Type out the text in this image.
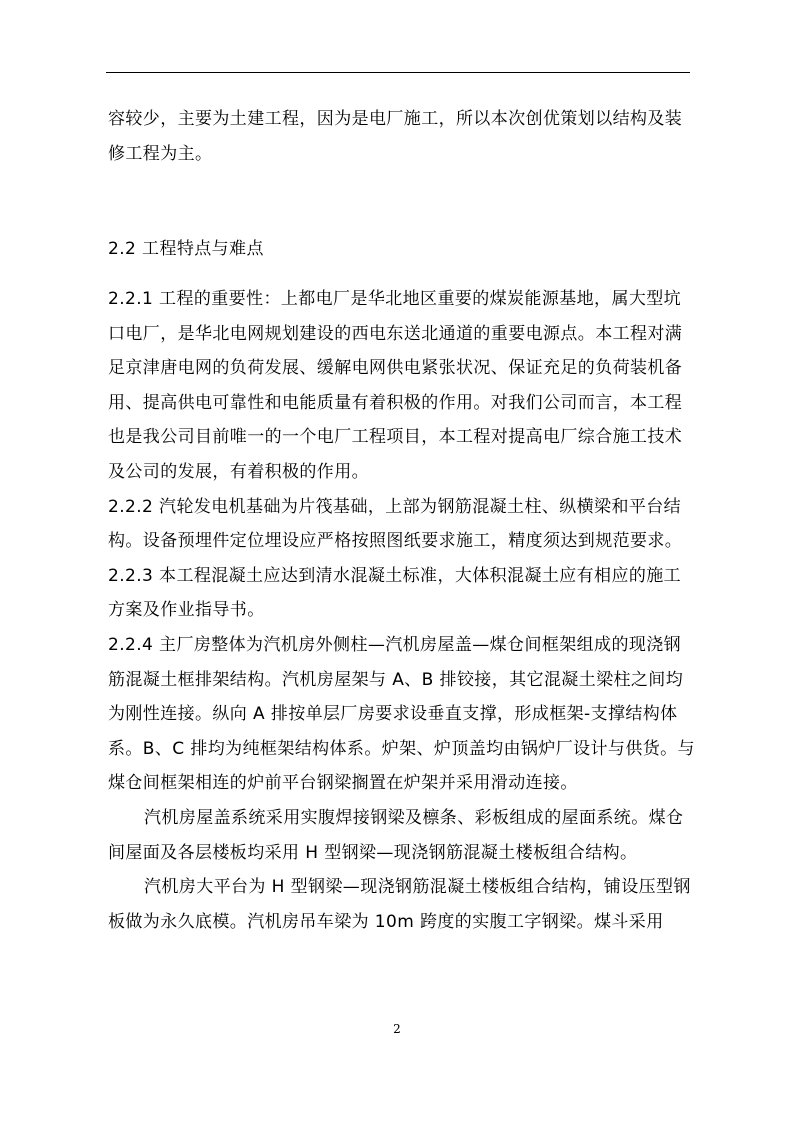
容较少，主要为土建工程，因为是电厂施工，所以本次创优策划以结构及装
修工程为主。
2.2 工程特点与难点
2.2.1 工程的重要性：上都电厂是华北地区重要的煤炭能源基地，属大型坑
口电厂，是华北电网规划建设的西电东送北通道的重要电源点。本工程对满
足京津唐电网的负荷发展、缓解电网供电紧张状况、保证充足的负荷装机备
用、提高供电可靠性和电能质量有着积极的作用。对我们公司而言，本工程
也是我公司目前唯一的一个电厂工程项目，本工程对提高电厂综合施工技术
及公司的发展，有着积极的作用。
2.2.2 汽轮发电机基础为片筏基础，上部为钢筋混凝土柱、纵横梁和平台结
构。设备预埋件定位埋设应严格按照图纸要求施工，精度须达到规范要求。
2.2.3 本工程混凝土应达到清水混凝土标准，大体积混凝土应有相应的施工
方案及作业指导书。
2.2.4 主厂房整体为汽机房外侧柱—汽机房屋盖—煤仓间框架组成的现浇钢
筋混凝土框排架结构。汽机房屋架与 A、B 排铰接，其它混凝土梁柱之间均
为刚性连接。纵向 A 排按单层厂房要求设垂直支撑，形成框架-支撑结构体
系。B、C 排均为纯框架结构体系。炉架、炉顶盖均由锅炉厂设计与供货。与
煤仓间框架相连的炉前平台钢梁搁置在炉架并采用滑动连接。
汽机房屋盖系统采用实腹焊接钢梁及檩条、彩板组成的屋面系统。煤仓
间屋面及各层楼板均采用 H 型钢梁—现浇钢筋混凝土楼板组合结构。
汽机房大平台为 H 型钢梁—现浇钢筋混凝土楼板组合结构，铺设压型钢
板做为永久底模。汽机房吊车梁为 10m 跨度的实腹工字钢梁。煤斗采用
2
